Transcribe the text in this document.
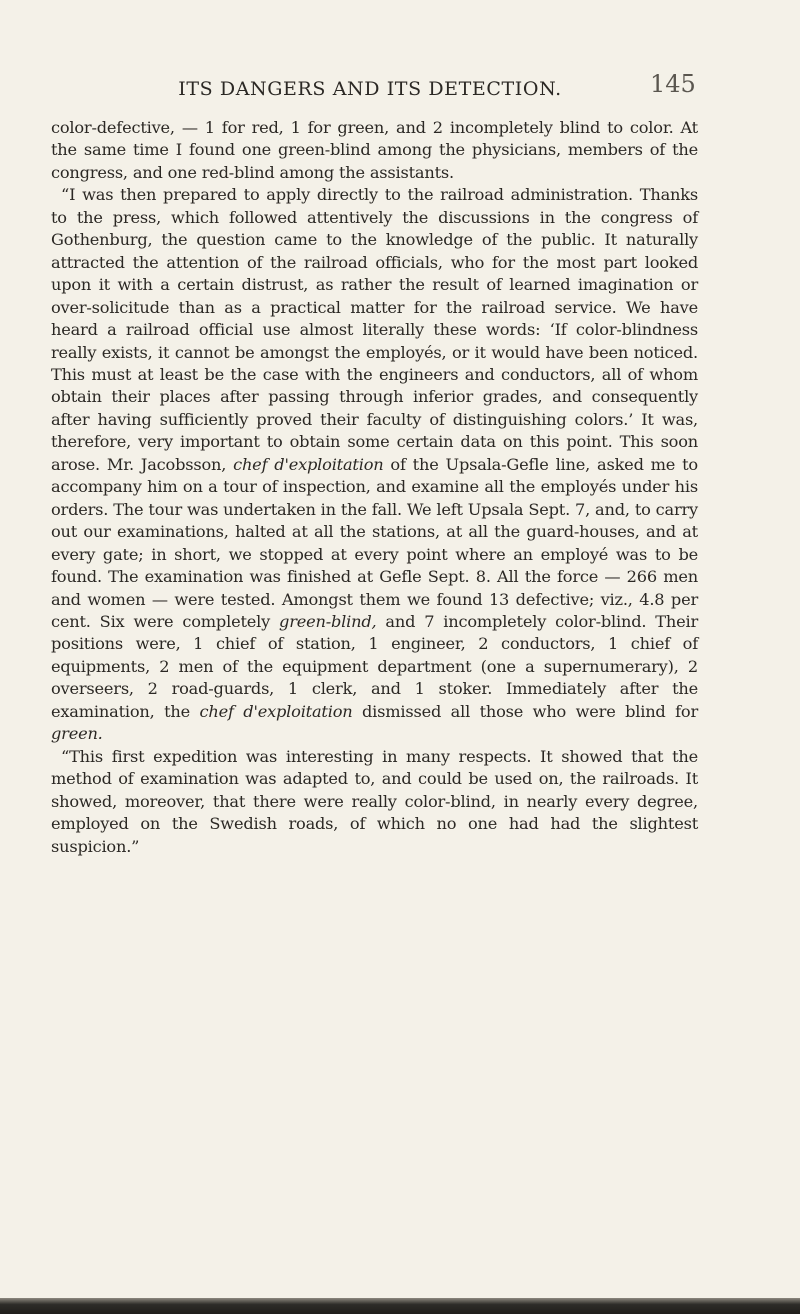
ITS DANGERS AND ITS DETECTION.	145

color-defective, — 1 for red, 1 for green, and 2 incompletely blind to color. At the same time I found one green-blind among the physicians, members of the congress, and one red-blind among the assistants.

“I was then prepared to apply directly to the railroad administration. Thanks to the press, which followed attentively the discussions in the congress of Gothenburg, the question came to the knowledge of the public. It naturally attracted the attention of the railroad officials, who for the most part looked upon it with a certain distrust, as rather the result of learned imagination or over-solicitude than as a practical matter for the railroad service. We have heard a railroad official use almost literally these words: ‘If color-blindness really exists, it cannot be amongst the employés, or it would have been noticed. This must at least be the case with the engineers and conductors, all of whom obtain their places after passing through inferior grades, and consequently after having sufficiently proved their faculty of distinguishing colors.’ It was, therefore, very important to obtain some certain data on this point. This soon arose. Mr. Jacobsson, chef d'exploitation of the Upsala-Gefle line, asked me to accompany him on a tour of inspection, and examine all the employés under his orders. The tour was undertaken in the fall. We left Upsala Sept. 7, and, to carry out our examinations, halted at all the stations, at all the guard-houses, and at every gate; in short, we stopped at every point where an employé was to be found. The examination was finished at Gefle Sept. 8. All the force — 266 men and women — were tested. Amongst them we found 13 defective; viz., 4.8 per cent. Six were completely green-blind, and 7 incompletely color-blind. Their positions were, 1 chief of station, 1 engineer, 2 conductors, 1 chief of equipments, 2 men of the equipment department (one a supernumerary), 2 overseers, 2 road-guards, 1 clerk, and 1 stoker. Immediately after the examination, the chef d'exploitation dismissed all those who were blind for green.

“This first expedition was interesting in many respects. It showed that the method of examination was adapted to, and could be used on, the railroads. It showed, moreover, that there were really color-blind, in nearly every degree, employed on the Swedish roads, of which no one had had the slightest suspicion.”
